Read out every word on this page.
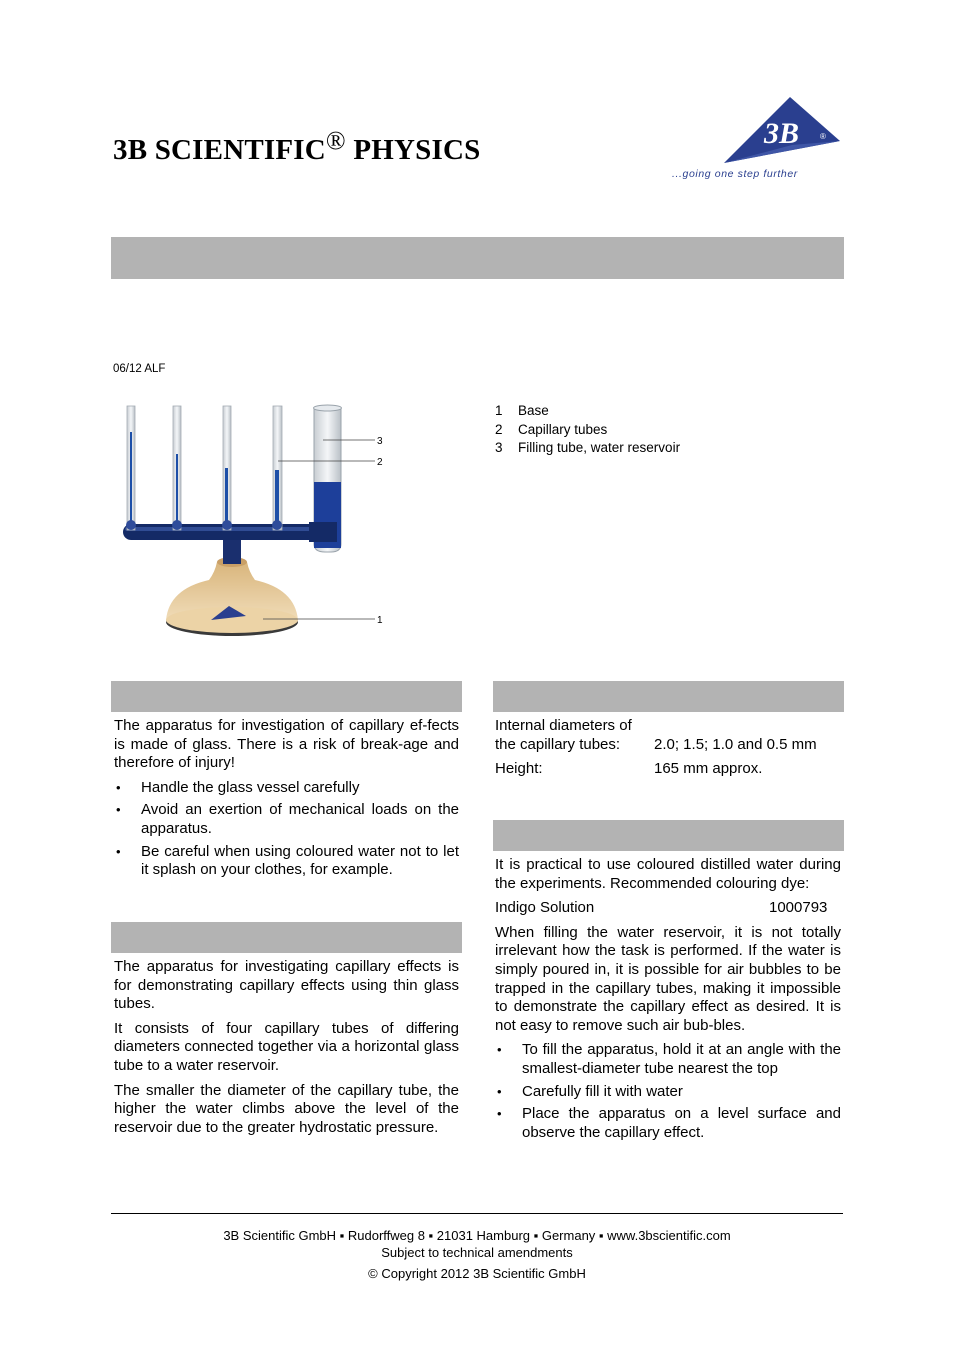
3B SCIENTIFIC® PHYSICS	3B	®
...going one step further
06/12 ALF
3
2
1
1	Base
2	Capillary tubes
3	Filling tube, water reservoir

The apparatus for investigation of capillary ef-fects is made of glass. There is a risk of break-age and therefore of injury!

• Handle the glass vessel carefully
• Avoid an exertion of mechanical loads on the apparatus.
• Be careful when using coloured water not to let it splash on your clothes, for example.

The apparatus for investigating capillary effects is for demonstrating capillary effects using thin glass tubes.

It consists of four capillary tubes of differing diameters connected together via a horizontal glass tube to a water reservoir.

The smaller the diameter of the capillary tube, the higher the water climbs above the level of the reservoir due to the greater hydrostatic pressure.

Internal diameters of
the capillary tubes:	2.0; 1.5; 1.0 and 0.5 mm
Height:	165 mm approx.

It is practical to use coloured distilled water during the experiments. Recommended colouring dye:

Indigo Solution	1000793

When filling the water reservoir, it is not totally irrelevant how the task is performed. If the water is simply poured in, it is possible for air bubbles to be trapped in the capillary tubes, making it impossible to demonstrate the capillary effect as desired. It is not easy to remove such air bub-bles.

• To fill the apparatus, hold it at an angle with the smallest-diameter tube nearest the top
• Carefully fill it with water
• Place the apparatus on a level surface and observe the capillary effect.
3B Scientific GmbH ▪ Rudorffweg 8 ▪ 21031 Hamburg ▪ Germany ▪ www.3bscientific.com
Subject to technical amendments
© Copyright 2012 3B Scientific GmbH
